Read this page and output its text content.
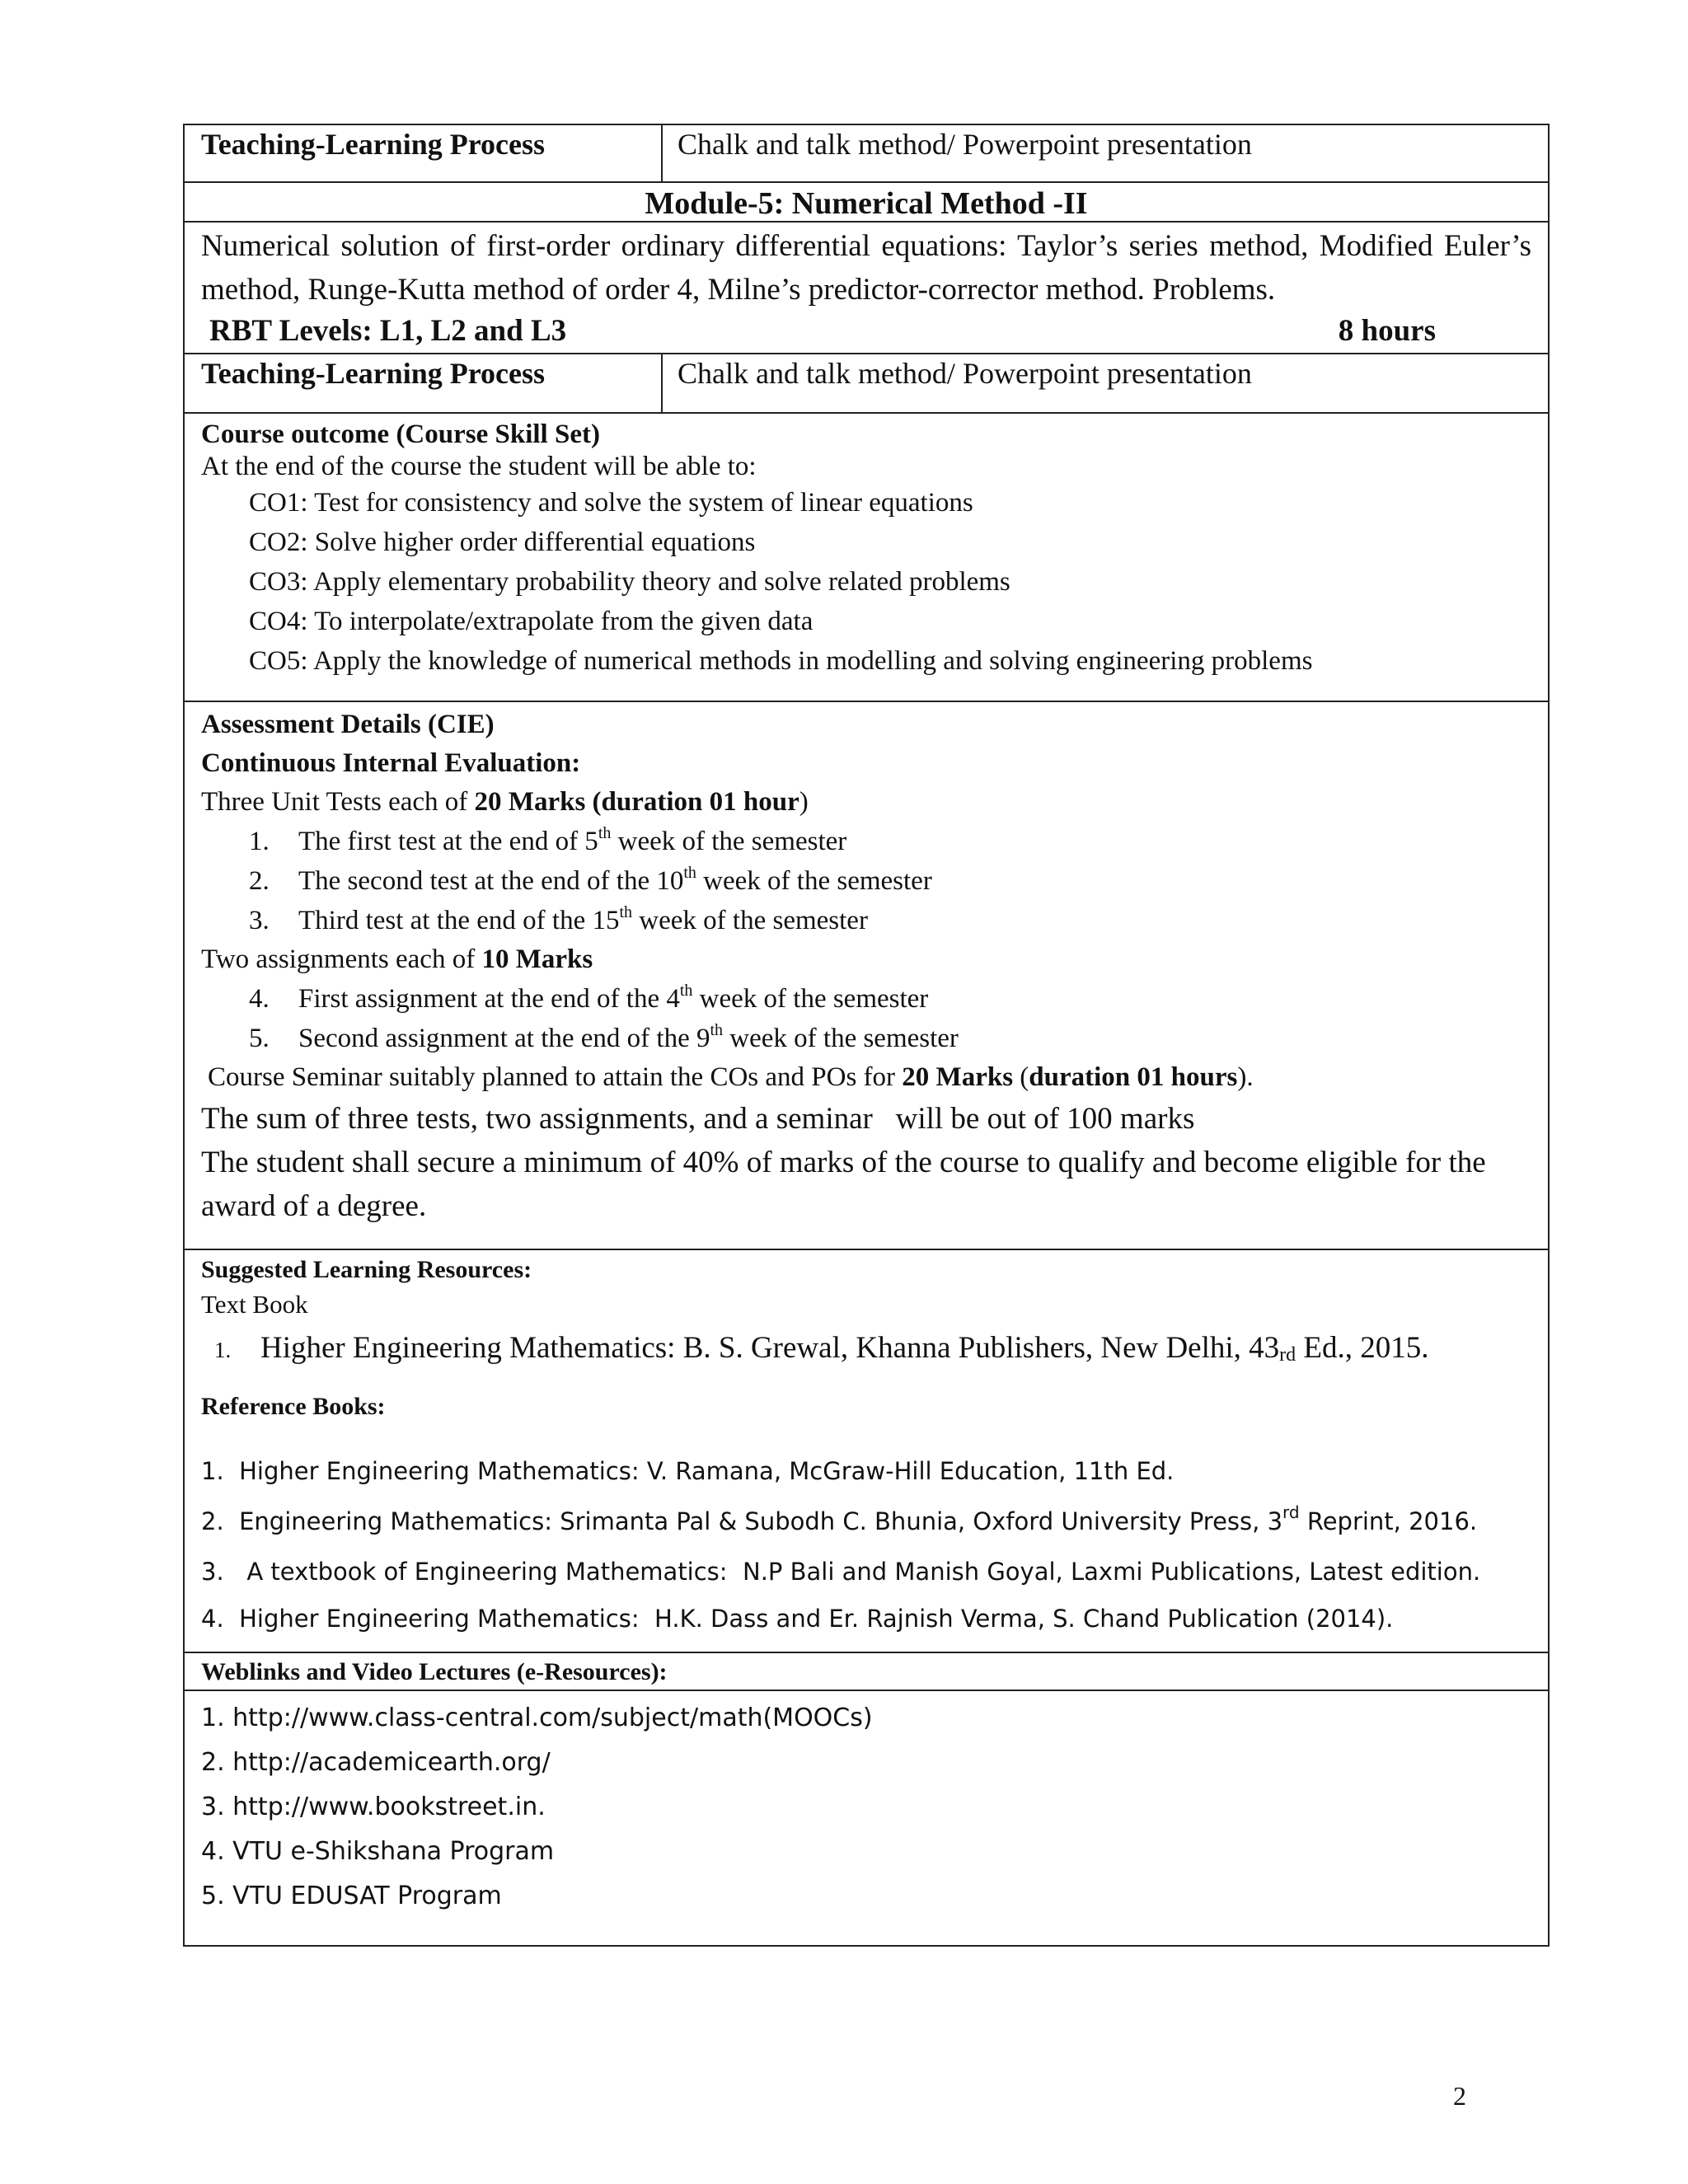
Teaching-Learning Process	Chalk and talk method/ Powerpoint presentation
Module-5: Numerical Method -II
Numerical solution of first-order ordinary differential equations: Taylor’s series method, Modified Euler’s method, Runge-Kutta method of order 4, Milne’s predictor-corrector method. Problems.
RBT Levels: L1, L2 and L3	8 hours
Teaching-Learning Process	Chalk and talk method/ Powerpoint presentation
Course outcome (Course Skill Set)
At the end of the course the student will be able to:
CO1: Test for consistency and solve the system of linear equations
CO2: Solve higher order differential equations
CO3: Apply elementary probability theory and solve related problems
CO4: To interpolate/extrapolate from the given data
CO5: Apply the knowledge of numerical methods in modelling and solving engineering problems
Assessment Details (CIE)
Continuous Internal Evaluation:
Three Unit Tests each of 20 Marks (duration 01 hour)
1. The first test at the end of 5th week of the semester
2. The second test at the end of the 10th week of the semester
3. Third test at the end of the 15th week of the semester
Two assignments each of 10 Marks
4. First assignment at the end of the 4th week of the semester
5. Second assignment at the end of the 9th week of the semester
Course Seminar suitably planned to attain the COs and POs for 20 Marks (duration 01 hours).
The sum of three tests, two assignments, and a seminar   will be out of 100 marks
The student shall secure a minimum of 40% of marks of the course to qualify and become eligible for the award of a degree.
Suggested Learning Resources:
Text Book
1. Higher Engineering Mathematics: B. S. Grewal, Khanna Publishers, New Delhi, $43_{rd}$ Ed., 2015.
Reference Books:
1.  Higher Engineering Mathematics: V. Ramana, McGraw-Hill Education, 11th Ed.
2.  Engineering Mathematics: Srimanta Pal & Subodh C. Bhunia, Oxford University Press, 3rd Reprint, 2016.
3.   A textbook of Engineering Mathematics:  N.P Bali and Manish Goyal, Laxmi Publications, Latest edition.
4.  Higher Engineering Mathematics:  H.K. Dass and Er. Rajnish Verma, S. Chand Publication (2014).
Weblinks and Video Lectures (e-Resources):
1. http://www.class-central.com/subject/math(MOOCs)
2. http://academicearth.org/
3. http://www.bookstreet.in.
4. VTU e-Shikshana Program
5. VTU EDUSAT Program
2
